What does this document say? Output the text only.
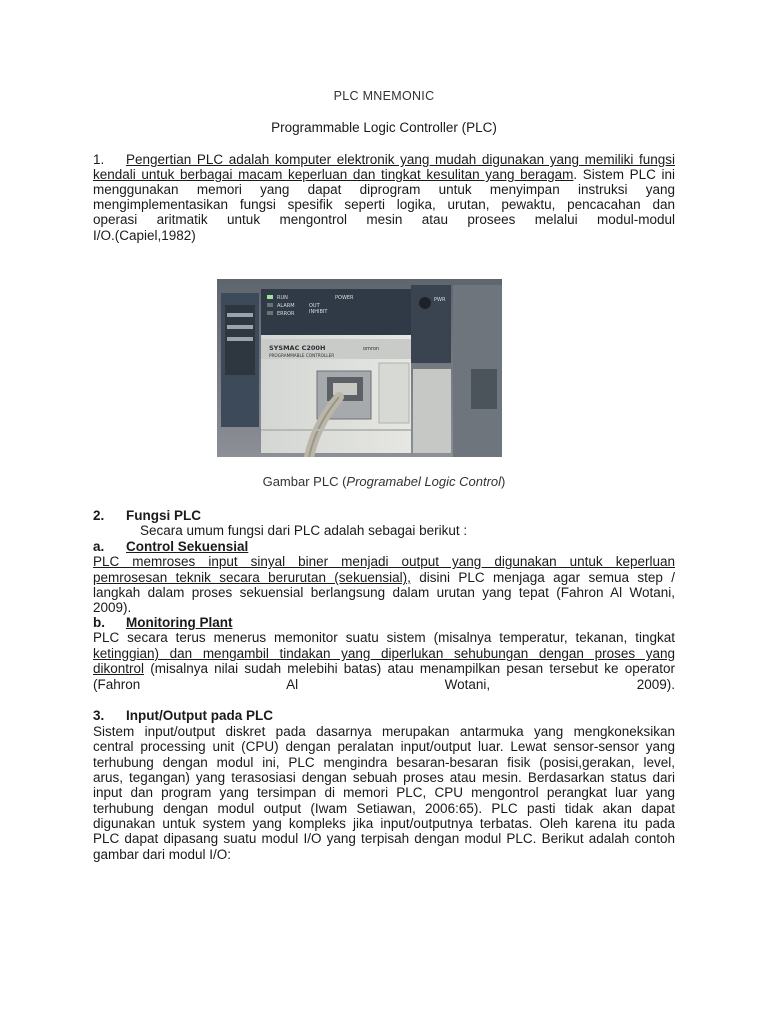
PLC MNEMONIC
Programmable Logic Controller (PLC)
1. Pengertian PLC adalah komputer elektronik yang mudah digunakan yang memiliki fungsi
kendali untuk berbagai macam keperluan dan tingkat kesulitan yang beragam. Sistem PLC ini
menggunakan memori yang dapat diprogram untuk menyimpan instruksi yang
mengimplementasikan fungsi spesifik seperti logika, urutan, pewaktu, pencacahan dan
operasi aritmatik untuk mengontrol mesin atau prosees melalui modul-modul
I/O.(Capiel,1982)
Gambar PLC (Programabel Logic Control)
2. Fungsi PLC
Secara umum fungsi dari PLC adalah sebagai berikut :
a. Control Sekuensial
PLC memroses input sinyal biner menjadi output yang digunakan untuk keperluan
pemrosesan teknik secara berurutan (sekuensial), disini PLC menjaga agar semua step /
langkah dalam proses sekuensial berlangsung dalam urutan yang tepat (Fahron Al Wotani,
2009).
b. Monitoring Plant
PLC secara terus menerus memonitor suatu sistem (misalnya temperatur, tekanan, tingkat
ketinggian) dan mengambil tindakan yang diperlukan sehubungan dengan proses yang
dikontrol (misalnya nilai sudah melebihi batas) atau menampilkan pesan tersebut ke operator
(Fahron Al Wotani, 2009).
3. Input/Output pada PLC
Sistem input/output diskret pada dasarnya merupakan antarmuka yang mengkoneksikan
central processing unit (CPU) dengan peralatan input/output luar. Lewat sensor-sensor yang
terhubung dengan modul ini, PLC mengindra besaran-besaran fisik (posisi,gerakan, level,
arus, tegangan) yang terasosiasi dengan sebuah proses atau mesin. Berdasarkan status dari
input dan program yang tersimpan di memori PLC, CPU mengontrol perangkat luar yang
terhubung dengan modul output (Iwam Setiawan, 2006:65). PLC pasti tidak akan dapat
digunakan untuk system yang kompleks jika input/outputnya terbatas. Oleh karena itu pada
PLC dapat dipasang suatu modul I/O yang terpisah dengan modul PLC. Berikut adalah contoh
gambar dari modul I/O:
RUN
ALARM
ERROR
OUT
INHIBIT
POWER	PWR
SYSMAC C200H	omron
PROGRAMMABLE CONTROLLER
